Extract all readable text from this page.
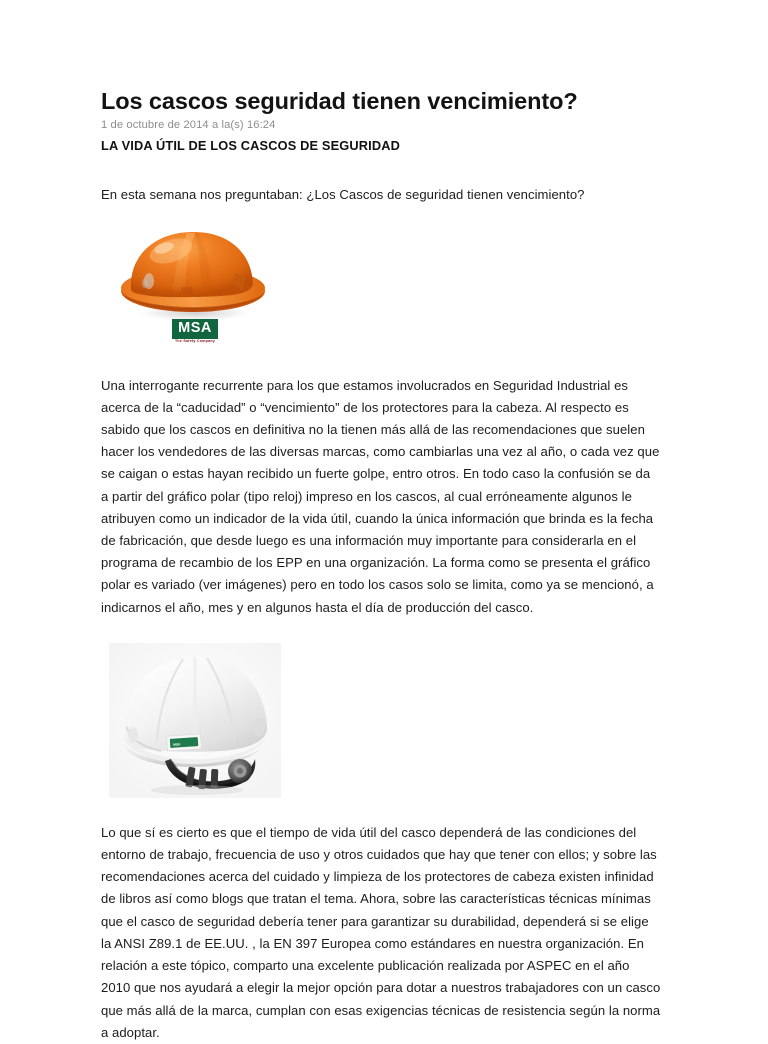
Los cascos seguridad tienen vencimiento?
1 de octubre de 2014 a la(s) 16:24
LA VIDA ÚTIL DE LOS CASCOS DE SEGURIDAD

En esta semana nos preguntaban: ¿Los Cascos de seguridad tienen vencimiento?

MSA
The Safety Company

Una interrogante recurrente para los que estamos involucrados en Seguridad Industrial es acerca de la “caducidad” o “vencimiento” de los protectores para la cabeza. Al respecto es sabido que los cascos en definitiva no la tienen más allá de las recomendaciones que suelen hacer los vendedores de las diversas marcas, como cambiarlas una vez al año, o cada vez que se caigan o estas hayan recibido un fuerte golpe, entro otros. En todo caso la confusión se da a partir del gráfico polar (tipo reloj) impreso en los cascos, al cual erróneamente algunos le atribuyen como un indicador de la vida útil, cuando la única información que brinda es la fecha de fabricación, que desde luego es una información muy importante para considerarla en el programa de recambio de los EPP en una organización. La forma como se presenta el gráfico polar es variado (ver imágenes) pero en todo los casos solo se limita, como ya se mencionó, a indicarnos el año, mes y en algunos hasta el día de producción del casco.

MSA

Lo que sí es cierto es que el tiempo de vida útil del casco dependerá de las condiciones del entorno de trabajo, frecuencia de uso y otros cuidados que hay que tener con ellos; y sobre las recomendaciones acerca del cuidado y limpieza de los protectores de cabeza existen infinidad de libros así como blogs que tratan el tema. Ahora, sobre las características técnicas mínimas que el casco de seguridad debería tener para garantizar su durabilidad, dependerá si se elige la ANSI Z89.1 de EE.UU. , la EN 397 Europea como estándares en nuestra organización. En relación a este tópico, comparto una excelente publicación realizada por ASPEC en el año 2010 que nos ayudará a elegir la mejor opción para dotar a nuestros trabajadores con un casco que más allá de la marca, cumplan con esas exigencias técnicas de resistencia según la norma a adoptar.
